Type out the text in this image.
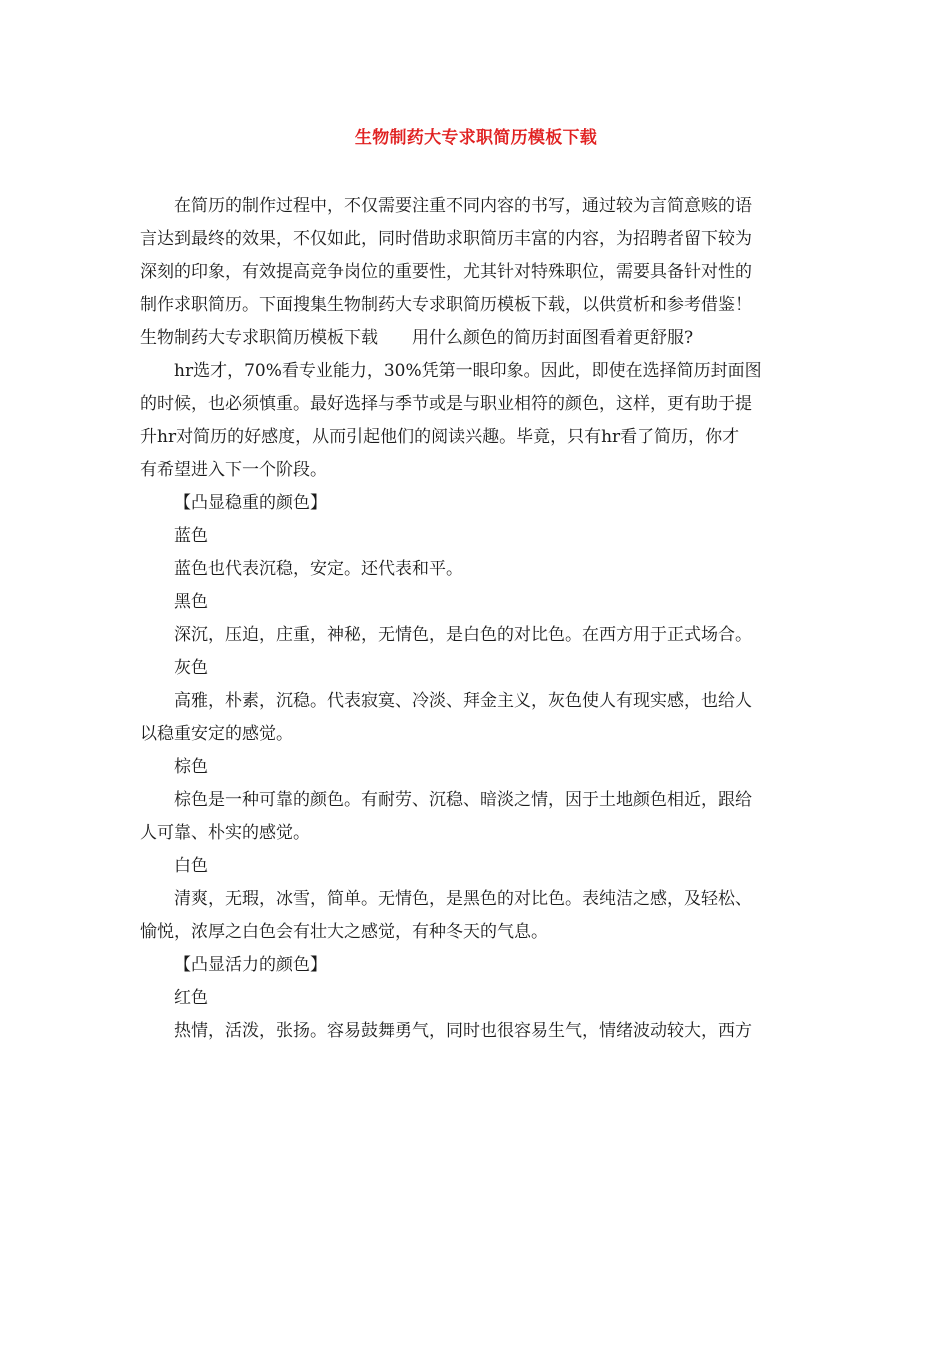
生物制药大专求职简历模板下载
在简历的制作过程中，不仅需要注重不同内容的书写，通过较为言简意赅的语
言达到最终的效果，不仅如此，同时借助求职简历丰富的内容，为招聘者留下较为
深刻的印象，有效提高竞争岗位的重要性，尤其针对特殊职位，需要具备针对性的
制作求职简历。下面搜集生物制药大专求职简历模板下载，以供赏析和参考借鉴！
生物制药大专求职简历模板下载 用什么颜色的简历封面图看着更舒服?
hr选才，70%看专业能力，30%凭第一眼印象。因此，即使在选择简历封面图
的时候，也必须慎重。最好选择与季节或是与职业相符的颜色，这样，更有助于提
升hr对简历的好感度，从而引起他们的阅读兴趣。毕竟，只有hr看了简历，你才
有希望进入下一个阶段。
【凸显稳重的颜色】
蓝色
蓝色也代表沉稳，安定。还代表和平。
黑色
深沉，压迫，庄重，神秘，无情色，是白色的对比色。在西方用于正式场合。
灰色
高雅，朴素，沉稳。代表寂寞、冷淡、拜金主义，灰色使人有现实感，也给人
以稳重安定的感觉。
棕色
棕色是一种可靠的颜色。有耐劳、沉稳、暗淡之情，因于土地颜色相近，跟给
人可靠、朴实的感觉。
白色
清爽，无瑕，冰雪，简单。无情色，是黑色的对比色。表纯洁之感，及轻松、
愉悦，浓厚之白色会有壮大之感觉，有种冬天的气息。
【凸显活力的颜色】
红色
热情，活泼，张扬。容易鼓舞勇气，同时也很容易生气，情绪波动较大，西方
